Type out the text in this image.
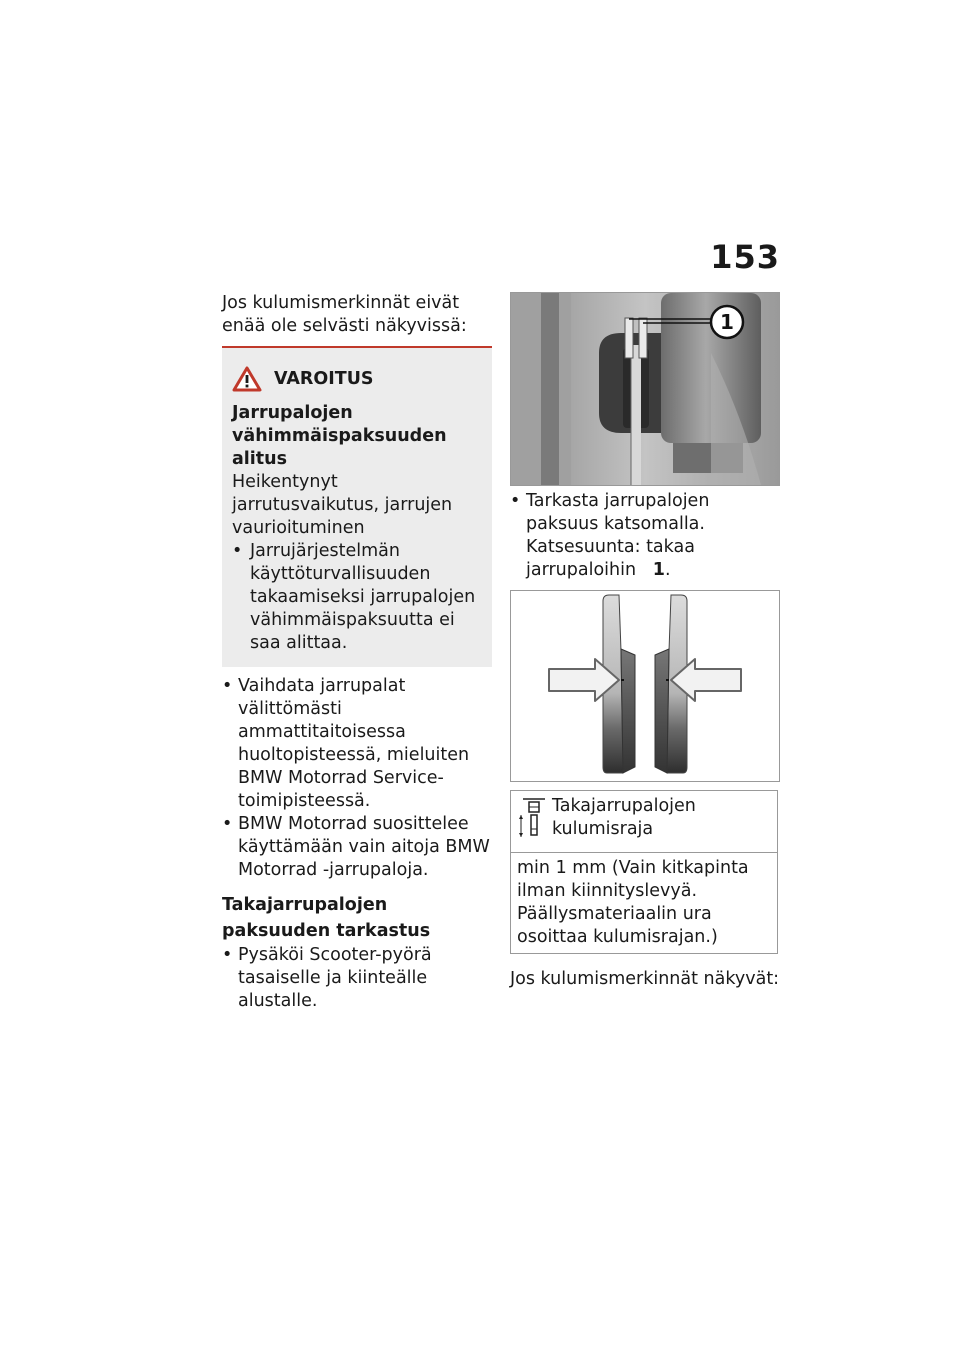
153

Jos kulumismerkinnät eivät enää ole selvästi näkyvissä:

VAROITUS
Jarrupalojen vähimmäispaksuuden alitus

Heikentynyt jarrutusvaikutus, jarrujen vaurioituminen

• Jarrujärjestelmän käyttöturvallisuuden takaamiseksi jarrupalojen vähimmäispaksuutta ei saa alittaa.
• Vaihdata jarrupalat välittömästi ammattitaitoisessa huoltopisteessä, mieluiten BMW Motorrad Service-toimipisteessä.
• BMW Motorrad suosittelee käyttämään vain aitoja BMW Motorrad -jarrupaloja.
Takajarrupalojen paksuuden tarkastus
• Pysäköi Scooter-pyörä tasaiselle ja kiinteälle alustalle.
1
• Tarkasta jarrupalojen paksuus katsomalla. Katsesuunta: takaa jarrupaloihin 1.
Takajarrupalojen kulumisraja

min 1 mm (Vain kitkapinta ilman kiinnityslevyä. Päällysmateriaalin ura osoittaa kulumisrajan.)

Jos kulumismerkinnät näkyvät:
